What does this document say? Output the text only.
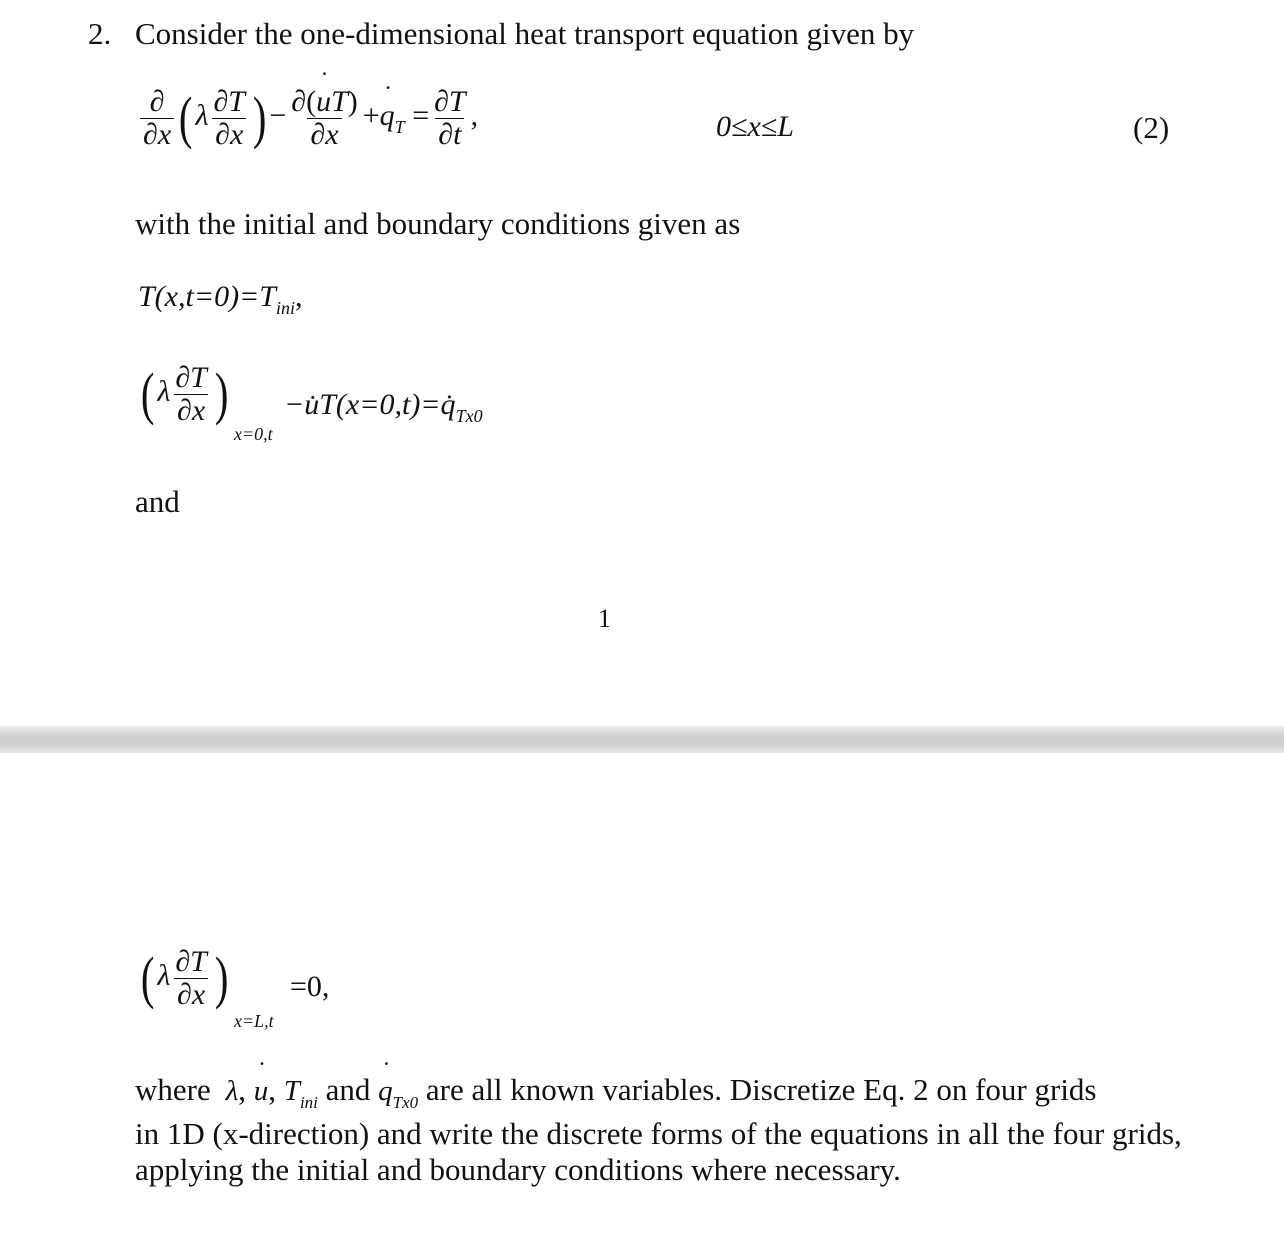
2. Consider the one-dimensional heat transport equation given by
$\frac{\partial}{\partial x} (\lambda \frac{\partial T}{\partial x}$ )− $\frac{\partial(u ˙T)}{\partial x} +q$ $˙_T = \frac{\partial T}{\partial t}$ ,	0≤x≤L	(2)
with the initial and boundary conditions given as
$T(x,t=0)=T_{ini}$,
($\lambda \frac{\partial T}{\partial x}$ )
x=0,t
$-u̇T(x=0,t)=q̇_{Tx0}$
and
1
($\lambda \frac{\partial T}{\partial x}$ )
x=L,t
=0,
where  λ, u ˙, $T_{ini}$ and q $˙_{Tx0}$ are all known variables. Discretize Eq. 2 on four grids
in 1D (x-direction) and write the discrete forms of the equations in all the four grids,
applying the initial and boundary conditions where necessary.
